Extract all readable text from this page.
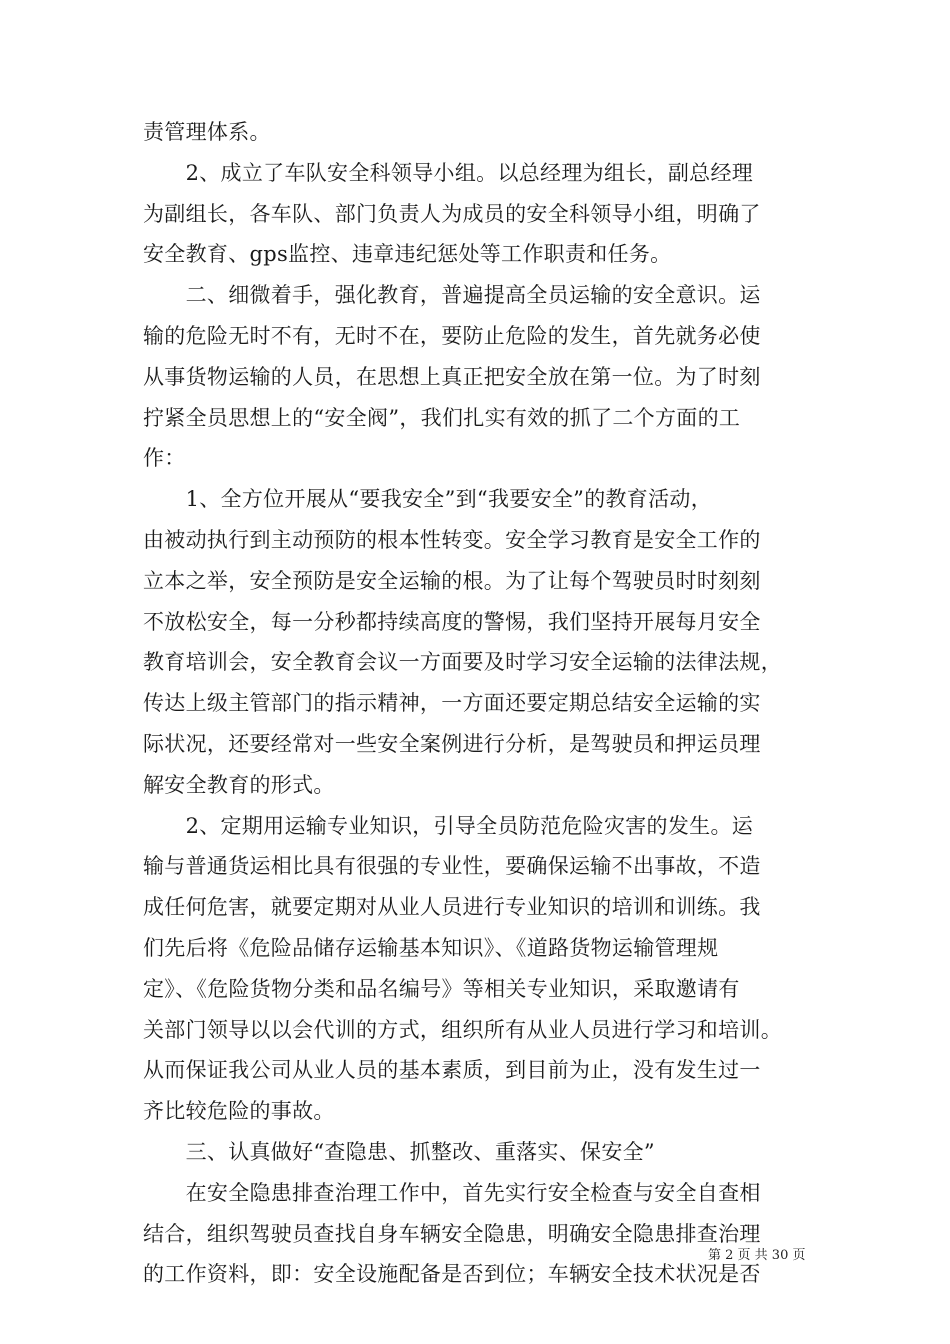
责管理体系。
　　2、成立了车队安全科领导小组。以总经理为组长，副总经理
为副组长，各车队、部门负责人为成员的安全科领导小组，明确了
安全教育、gps监控、违章违纪惩处等工作职责和任务。
　　二、细微着手，强化教育，普遍提高全员运输的安全意识。运
输的危险无时不有，无时不在，要防止危险的发生，首先就务必使
从事货物运输的人员，在思想上真正把安全放在第一位。为了时刻
拧紧全员思想上的“安全阀”，我们扎实有效的抓了二个方面的工
作：
　　1、全方位开展从“要我安全”到“我要安全”的教育活动，
由被动执行到主动预防的根本性转变。安全学习教育是安全工作的
立本之举，安全预防是安全运输的根。为了让每个驾驶员时时刻刻
不放松安全，每一分秒都持续高度的警惕，我们坚持开展每月安全
教育培训会，安全教育会议一方面要及时学习安全运输的法律法规，
传达上级主管部门的指示精神，一方面还要定期总结安全运输的实
际状况，还要经常对一些安全案例进行分析，是驾驶员和押运员理
解安全教育的形式。
　　2、定期用运输专业知识，引导全员防范危险灾害的发生。运
输与普通货运相比具有很强的专业性，要确保运输不出事故，不造
成任何危害，就要定期对从业人员进行专业知识的培训和训练。我
们先后将《危险品储存运输基本知识》、《道路货物运输管理规
定》、《危险货物分类和品名编号》等相关专业知识，采取邀请有
关部门领导以以会代训的方式，组织所有从业人员进行学习和培训。
从而保证我公司从业人员的基本素质，到目前为止，没有发生过一
齐比较危险的事故。
　　三、认真做好“查隐患、抓整改、重落实、保安全”
　　在安全隐患排查治理工作中，首先实行安全检查与安全自查相
结合，组织驾驶员查找自身车辆安全隐患，明确安全隐患排查治理
的工作资料，即：安全设施配备是否到位；车辆安全技术状况是否
第 2 页 共 30 页
